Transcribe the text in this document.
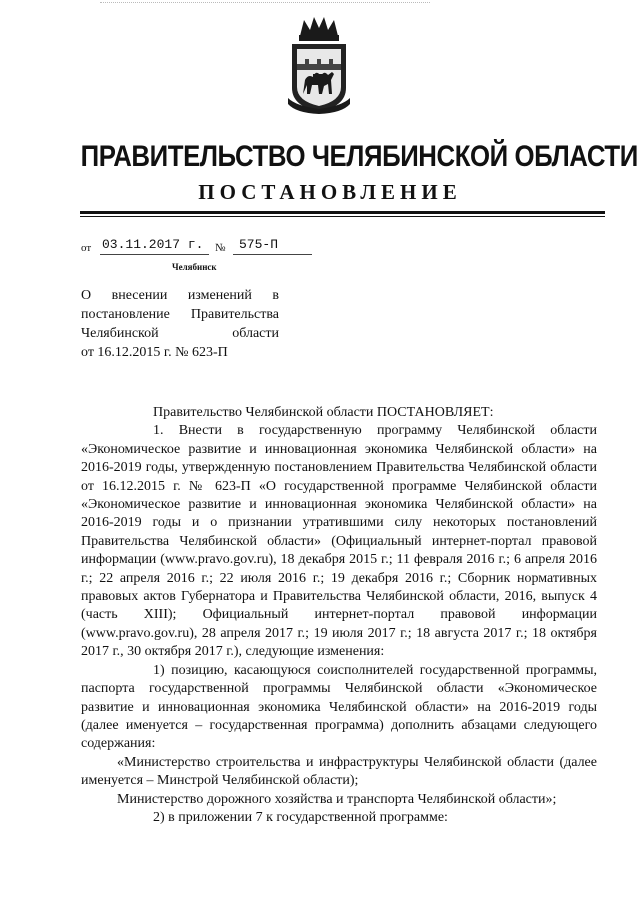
ПРАВИТЕЛЬСТВО ЧЕЛЯБИНСКОЙ ОБЛАСТИ
ПОСТАНОВЛЕНИЕ
от 03.11.2017 г.	№	575-П
Челябинск
О внесении изменений в
постановление Правительства
Челябинской области
от 16.12.2015 г. № 623-П

Правительство Челябинской области ПОСТАНОВЛЯЕТ:

1. Внести в государственную программу Челябинской области «Экономическое развитие и инновационная экономика Челябинской области» на 2016-2019 годы, утвержденную постановлением Правительства Челябинской области от 16.12.2015 г. № 623-П «О государственной программе Челябинской области «Экономическое развитие и инновационная экономика Челябинской области» на 2016-2019 годы и о признании утратившими силу некоторых постановлений Правительства Челябинской области» (Официальный интернет-портал правовой информации (www.pravo.gov.ru), 18 декабря 2015 г.; 11 февраля 2016 г.; 6 апреля 2016 г.; 22 апреля 2016 г.; 22 июля 2016 г.; 19 декабря 2016 г.; Сборник нормативных правовых актов Губернатора и Правительства Челябинской области, 2016, выпуск 4 (часть XIII); Официальный интернет-портал правовой информации (www.pravo.gov.ru), 28 апреля 2017 г.; 19 июля 2017 г.; 18 августа 2017 г.; 18 октября 2017 г., 30 октября 2017 г.), следующие изменения:

1) позицию, касающуюся соисполнителей государственной программы, паспорта государственной программы Челябинской области «Экономическое развитие и инновационная экономика Челябинской области» на 2016-2019 годы (далее именуется – государственная программа) дополнить абзацами следующего содержания:

«Министерство строительства и инфраструктуры Челябинской области (далее именуется – Минстрой Челябинской области);

Министерство дорожного хозяйства и транспорта Челябинской области»;

2) в приложении 7 к государственной программе:
